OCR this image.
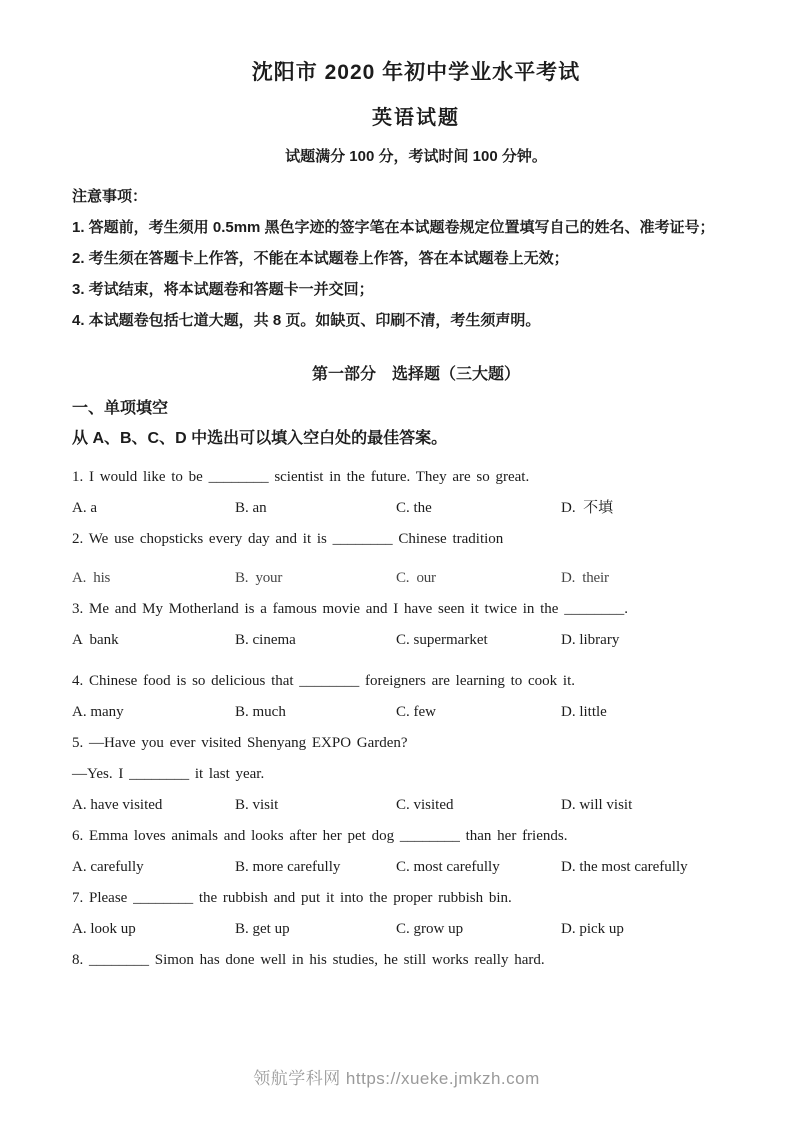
沈阳市 2020 年初中学业水平考试
英语试题

试题满分 100 分，考试时间 100 分钟。

注意事项：

1. 答题前，考生须用 0.5mm 黑色字迹的签字笔在本试题卷规定位置填写自己的姓名、准考证号；

2. 考生须在答题卡上作答，不能在本试题卷上作答，答在本试题卷上无效；

3. 考试结束，将本试题卷和答题卡一并交回；

4. 本试题卷包括七道大题，共 8 页。如缺页、印刷不清，考生须声明。

第一部分　选择题（三大题）

一、单项填空

从 A、B、C、D 中选出可以填入空白处的最佳答案。

1. I would like to be ________ scientist in the future. They are so great.

A. a	B. an	C. the	D.  不填

2. We use chopsticks every day and it is ________ Chinese tradition

A.  his	B.  your	C.  our	D.  their

3. Me and My Motherland is a famous movie and I have seen it twice in the ________.

A  bank	B. cinema	C. supermarket	D. library

4. Chinese food is so delicious that ________ foreigners are learning to cook it.

A. many	B. much	C. few	D. little

5. —Have you ever visited Shenyang EXPO Garden?

—Yes. I ________ it last year.

A. have visited	B. visit	C. visited	D. will visit

6. Emma loves animals and looks after her pet dog ________ than her friends.

A. carefully	B. more carefully	C. most carefully	D. the most carefully

7. Please ________ the rubbish and put it into the proper rubbish bin.

A. look up	B. get up	C. grow up	D. pick up

8. ________ Simon has done well in his studies, he still works really hard.

领航学科网 https://xueke.jmkzh.com
